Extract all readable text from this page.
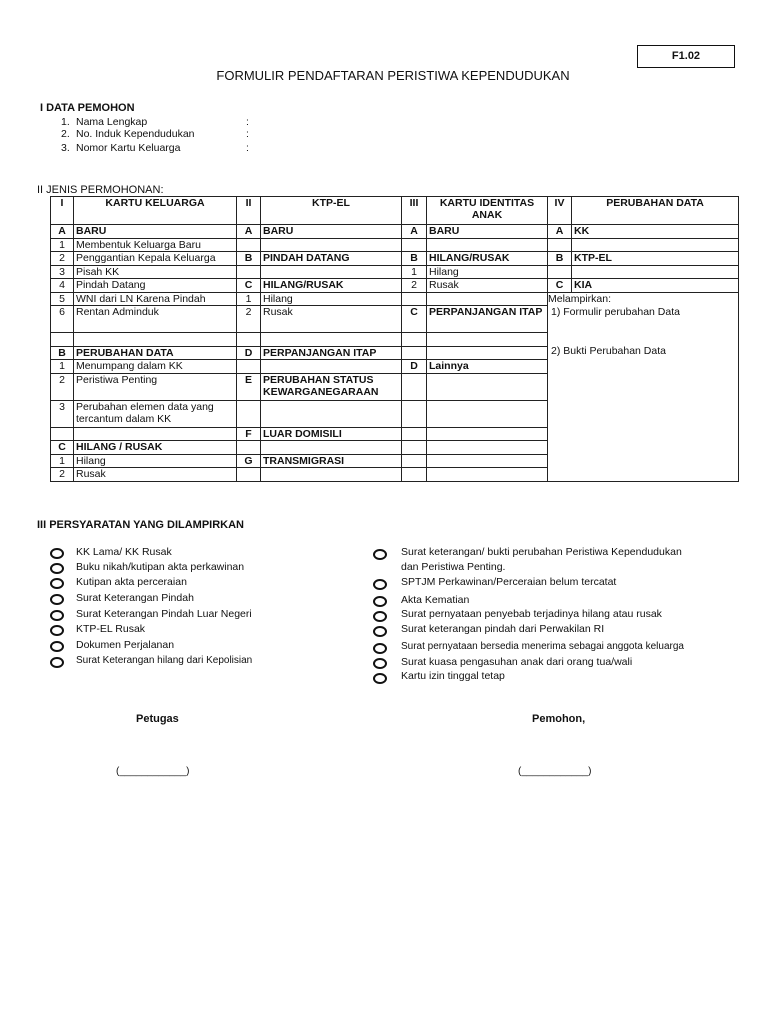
F1.02
FORMULIR PENDAFTARAN PERISTIWA KEPENDUDUKAN
I DATA PEMOHON
1. Nama Lengkap	:
2. No. Induk Kependudukan	:
3. Nomor Kartu Keluarga	:
II JENIS PERMOHONAN:
I	KARTU KELUARGA	II	KTP-EL	III	KARTU IDENTITAS ANAK	IV	PERUBAHAN DATA	
A	BARU	A	BARU	A	BARU	A	KK	
1	Membentuk Keluarga Baru							
2	Penggantian Kepala Keluarga	B	PINDAH DATANG	B	HILANG/RUSAK	B	KTP-EL	
3	Pisah KK			1	Hilang			
4	Pindah Datang	C	HILANG/RUSAK	2	Rusak	C	KIA	
5	WNI dari LN Karena Pindah	1	Hilang			Melampirkan:
1) Formulir perubahan Data
2) Bukti Perubahan Data		

6	Rentan Adminduk	2	Rusak	C	PERPANJANGAN ITAP			

B	PERUBAHAN DATA	D	PERPANJANGAN ITAP					
1	Menumpang dalam KK			D	Lainnya			
2	Peristiwa Penting	E	PERUBAHAN STATUS KEWARGANEGARAAN					
3	Perubahan elemen data yang tercantum dalam KK							
		F	LUAR DOMISILI					
C	HILANG / RUSAK							
1	Hilang	G	TRANSMIGRASI					
2	Rusak							
III PERSYARATAN YANG DILAMPIRKAN
KK Lama/ KK Rusak
Buku nikah/kutipan akta perkawinan
Kutipan akta perceraian
Surat Keterangan Pindah
Surat Keterangan Pindah Luar Negeri
KTP-EL Rusak
Dokumen Perjalanan
Surat Keterangan hilang dari Kepolisian
Surat keterangan/ bukti perubahan Peristiwa Kependudukan
dan Peristiwa Penting.
SPTJM Perkawinan/Perceraian belum tercatat
Akta Kematian
Surat pernyataan penyebab terjadinya hilang atau rusak
Surat keterangan pindah dari Perwakilan RI
Surat pernyataan bersedia menerima sebagai anggota keluarga
Surat kuasa pengasuhan anak dari orang tua/wali
Kartu izin tinggal tetap
Petugas	Pemohon,
(____________)	(____________)
